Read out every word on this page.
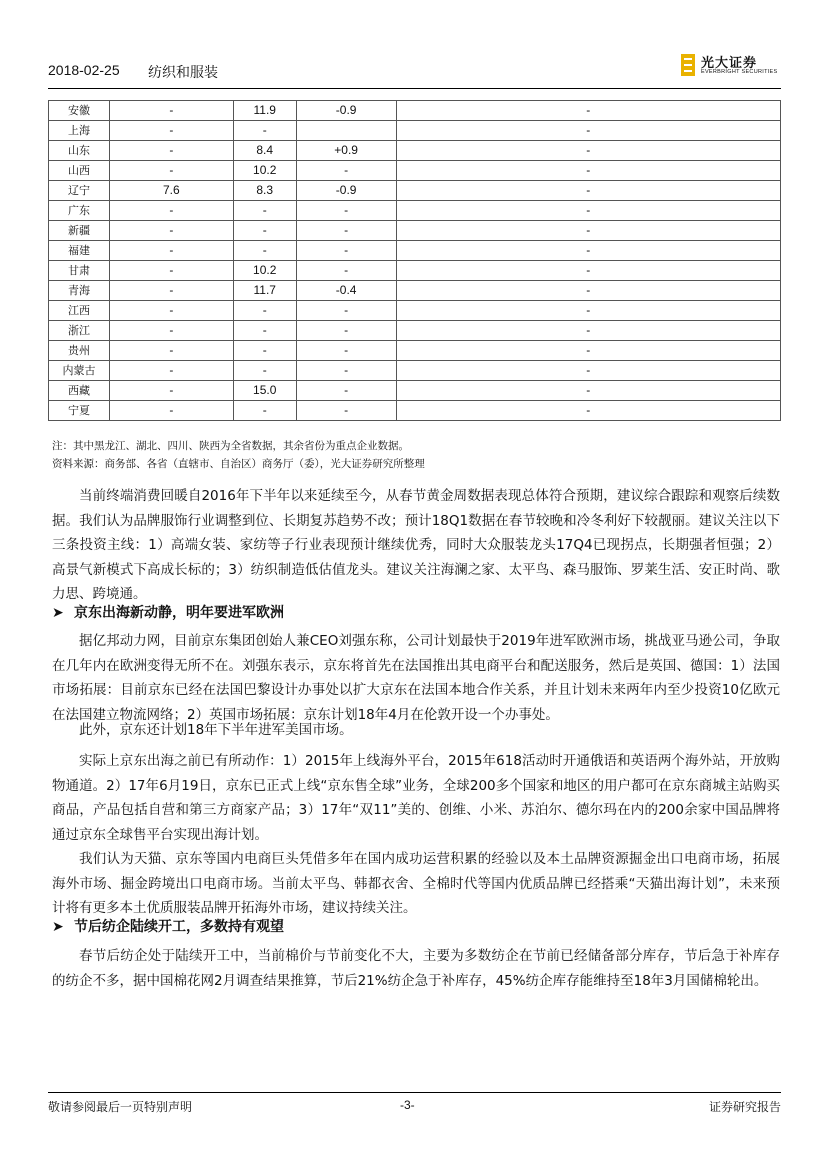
2018-02-25 纺织和服装
光大证券
EVERBRIGHT SECURITIES
安徽	-	11.9	-0.9	-
上海	-	-		-
山东	-	8.4	+0.9	-
山西	-	10.2	-	-
辽宁	7.6	8.3	-0.9	-
广东	-	-	-	-
新疆	-	-	-	-
福建	-	-	-	-
甘肃	-	10.2	-	-
青海	-	11.7	-0.4	-
江西	-	-	-	-
浙江	-	-	-	-
贵州	-	-	-	-
内蒙古	-	-	-	-
西藏	-	15.0	-	-
宁夏	-	-	-	-
注：其中黑龙江、湖北、四川、陕西为全省数据，其余省份为重点企业数据。
资料来源：商务部、各省（直辖市、自治区）商务厅（委），光大证券研究所整理

当前终端消费回暖自2016年下半年以来延续至今，从春节黄金周数据表现总体符合预期，建议综合跟踪和观察后续数据。我们认为品牌服饰行业调整到位、长期复苏趋势不改；预计18Q1数据在春节较晚和冷冬利好下较靓丽。建议关注以下三条投资主线：1）高端女装、家纺等子行业表现预计继续优秀，同时大众服装龙头17Q4已现拐点，长期强者恒强；2）高景气新模式下高成长标的；3）纺织制造低估值龙头。建议关注海澜之家、太平鸟、森马服饰、罗莱生活、安正时尚、歌力思、跨境通。

➤ 京东出海新动静，明年要进军欧洲

据亿邦动力网，目前京东集团创始人兼CEO刘强东称，公司计划最快于2019年进军欧洲市场，挑战亚马逊公司，争取在几年内在欧洲变得无所不在。刘强东表示，京东将首先在法国推出其电商平台和配送服务，然后是英国、德国：1）法国市场拓展：目前京东已经在法国巴黎设计办事处以扩大京东在法国本地合作关系，并且计划未来两年内至少投资10亿欧元在法国建立物流网络；2）英国市场拓展：京东计划18年4月在伦敦开设一个办事处。

此外，京东还计划18年下半年进军美国市场。

实际上京东出海之前已有所动作：1）2015年上线海外平台，2015年618活动时开通俄语和英语两个海外站，开放购物通道。2）17年6月19日，京东已正式上线“京东售全球”业务，全球200多个国家和地区的用户都可在京东商城主站购买商品，产品包括自营和第三方商家产品；3）17年“双11”美的、创维、小米、苏泊尔、德尔玛在内的200余家中国品牌将通过京东全球售平台实现出海计划。

我们认为天猫、京东等国内电商巨头凭借多年在国内成功运营积累的经验以及本土品牌资源掘金出口电商市场，拓展海外市场、掘金跨境出口电商市场。当前太平鸟、韩都衣舍、全棉时代等国内优质品牌已经搭乘“天猫出海计划”，未来预计将有更多本土优质服装品牌开拓海外市场，建议持续关注。

➤ 节后纺企陆续开工，多数持有观望

春节后纺企处于陆续开工中，当前棉价与节前变化不大，主要为多数纺企在节前已经储备部分库存，节后急于补库存的纺企不多，据中国棉花网2月调查结果推算，节后21%纺企急于补库存，45%纺企库存能维持至18年3月国储棉轮出。

敬请参阅最后一页特别声明	-3-	证券研究报告
